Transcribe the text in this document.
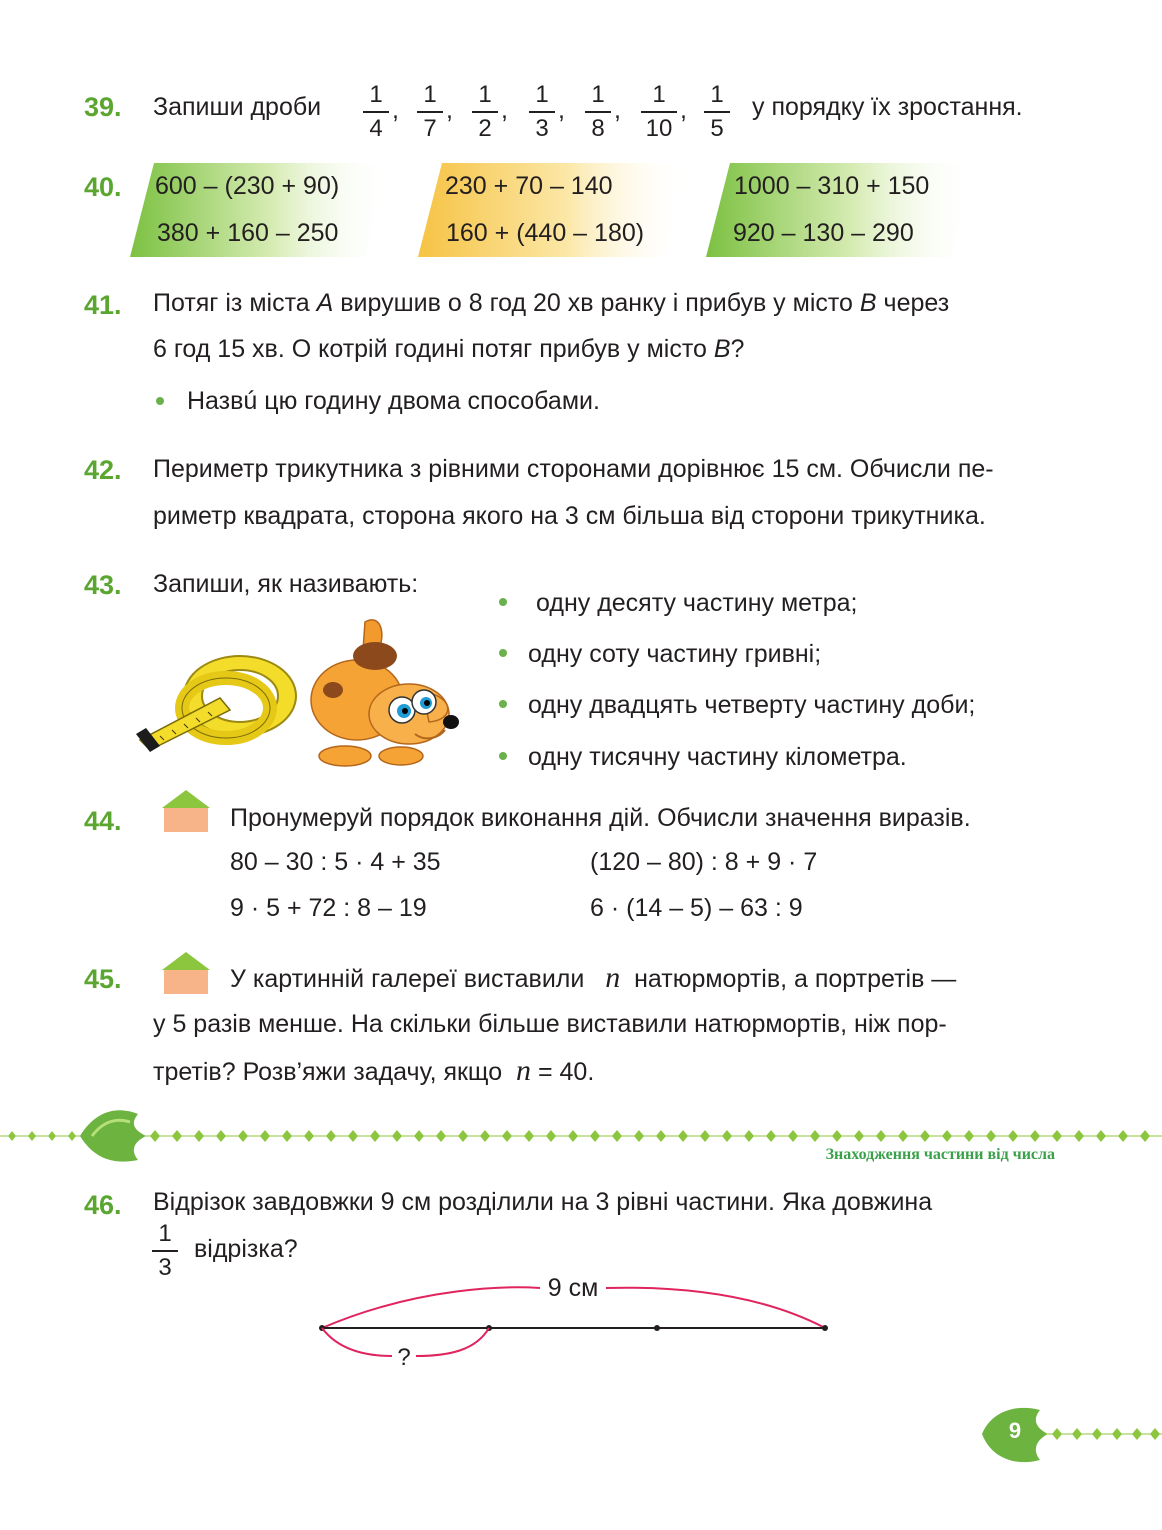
39. Запиши дроби	1
4
,
1
7
,
1
2
,
1
3
,
1
8
,
1
10
,
1
5
у порядку їх зростання.
40. 600 – (230 + 90)
380 + 160 – 250
230 + 70 – 140
160 + (440 – 180)
1000 – 310 + 150
920 – 130 – 290
41. Потяг із міста A вирушив о 8 год 20 хв ранку і прибув у місто B через
6 год 15 хв. О котрій годині потяг прибув у місто B?
Назвú цю годину двома способами.
42. Периметр трикутника з рівними сторонами дорівнює 15 см. Обчисли пе-
риметр квадрата, сторона якого на 3 см більша від сторони трикутника.
43. Запиши, як називають:
одну десяту частину метра;
одну соту частину гривні;
одну двадцять четверту частину доби;
одну тисячну частину кілометра.
44.	Пронумеруй порядок виконання дій. Обчисли значення виразів.
80 – 30 : 5 · 4 + 35	(120 – 80) : 8 + 9 · 7
9 · 5 + 72 : 8 – 19	6 · (14 – 5) – 63 : 9
45.	У картинній галереї виставили n натюрмортів, а портретів —
у 5 разів менше. На скільки більше виставили натюрмортів, ніж пор-
третів? Розв’яжи задачу, якщо n = 40.
Знаходження частини від числа
46. Відрізок завдовжки 9 см розділили на 3 рівні частини. Яка довжина
1
3
відрізка?
9 см
?
9
